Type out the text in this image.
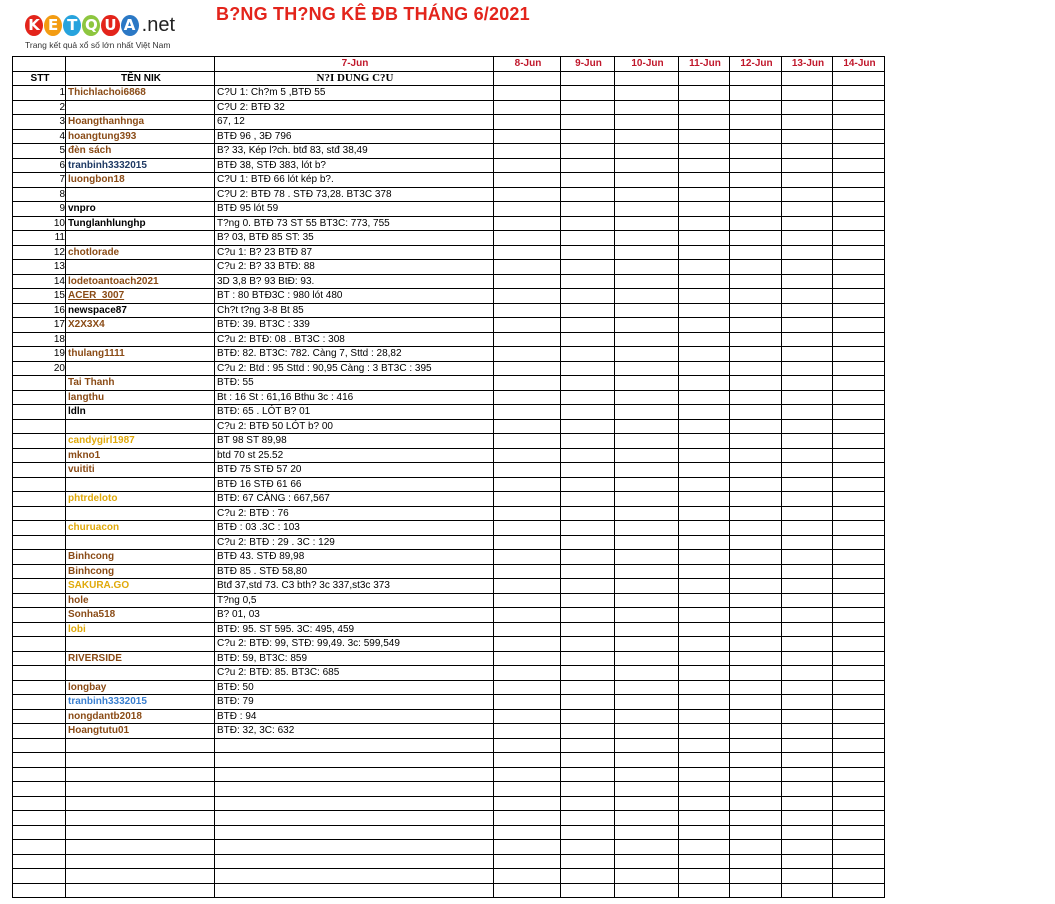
K E T Q U A .net
Trang kết quả xổ số lớn nhất Việt Nam
B?NG TH?NG KÊ ĐB THÁNG 6/2021
		7-Jun	8-Jun	9-Jun	10-Jun	11-Jun	12-Jun	13-Jun	14-Jun
STT	TÊN NIK	N?I DUNG C?U							
1	Thichlachoi6868	C?U 1: Ch?m 5 ,BTĐ 55							
2		C?U 2: BTĐ 32							
3	Hoangthanhnga	67, 12							
4	hoangtung393	BTĐ 96 , 3Đ 796							
5	đèn sách	B? 33, Kép l?ch. btđ 83, stđ 38,49							
6	tranbinh3332015	BTĐ 38, STĐ 383, lót b?							
7	luongbon18	C?U 1: BTĐ 66 lót kép b?.							
8		C?U 2: BTĐ 78 . STĐ 73,28. BT3C 378							
9	vnpro	BTĐ 95 lót 59							
10	Tunglanhlunghp	T?ng 0. BTĐ 73 ST 55 BT3C: 773, 755							
11		B? 03, BTĐ 85 ST: 35							
12	chotlorade	C?u 1: B? 23 BTĐ 87							
13		C?u 2: B? 33 BTĐ: 88							
14	lodetoantoach2021	3D 3,8 B? 93 BtĐ: 93.							
15	ACER_3007	BT : 80 BTĐ3C : 980 lót 480							
16	newspace87	Ch?t t?ng 3-8 Bt 85							
17	X2X3X4	BTĐ: 39. BT3C : 339							
18		C?u 2: BTĐ: 08 . BT3C : 308							
19	thulang1111	BTĐ: 82. BT3C: 782. Càng 7, Sttd : 28,82							
20		C?u 2: Btd : 95 Sttd : 90,95 Càng : 3 BT3C : 395							
	Tai Thanh	BTĐ: 55							
	langthu	Bt : 16 St : 61,16 Bthu 3c : 416							
	ldln	BTĐ: 65 . LÓT B? 01							
		C?u 2: BTĐ 50 LÓT b? 00							
	candygirl1987	BT 98 ST 89,98							
	mkno1	btd 70 st 25.52							
	vuititi	BTĐ 75 STĐ 57 20							
		BTĐ 16 STĐ 61 66							
	phtrdeloto	BTĐ: 67 CÀNG : 667,567							
		C?u 2: BTĐ : 76							
	churuacon	BTĐ : 03 .3C : 103							
		C?u 2: BTĐ : 29 . 3C : 129							
	Binhcong	BTĐ 43. STĐ 89,98							
	Binhcong	BTĐ 85 . STĐ 58,80							
	SAKURA.GO	Btđ 37,std 73. C3 bth? 3c 337,st3c 373							
	hole	T?ng 0,5							
	Sonha518	B? 01, 03							
	lobi	BTĐ: 95. ST 595. 3C: 495, 459							
		C?u 2: BTĐ: 99, STĐ: 99,49. 3c: 599,549							
	RIVERSIDE	BTĐ: 59, BT3C: 859							
		C?u 2: BTĐ: 85. BT3C: 685							
	longbay	BTĐ: 50							
	tranbinh3332015	BTĐ: 79							
	nongdantb2018	BTĐ : 94							
	Hoangtutu01	BTĐ: 32, 3C: 632							
